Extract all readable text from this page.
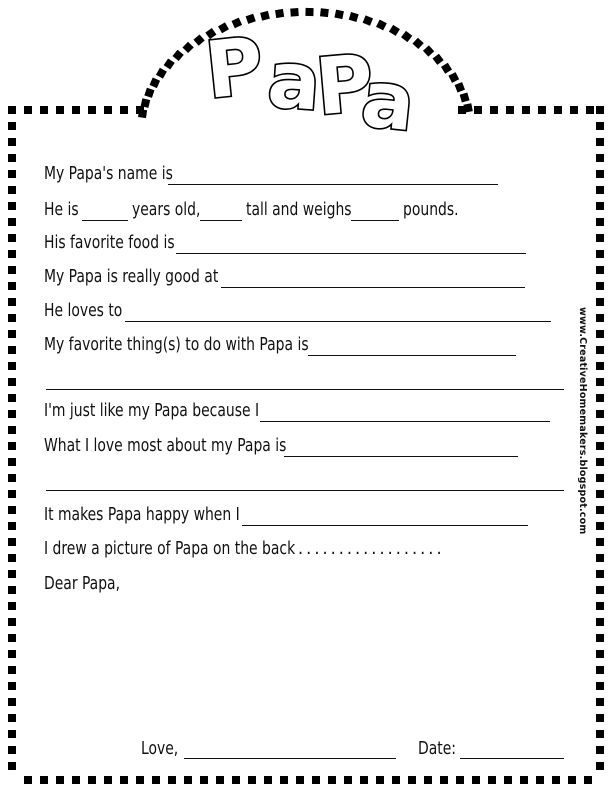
P
a
P
a
www.CreativeHomemakers.blogspot.com
My Papa's name is
He is	years old,	tall and weighs	pounds.
His favorite food is
My Papa is really good at
He loves to
My favorite thing(s) to do with Papa is
I'm just like my Papa because I
What I love most about my Papa is
It makes Papa happy when I
I drew a picture of Papa on the back ..................
Dear Papa,
Love,	Date:
